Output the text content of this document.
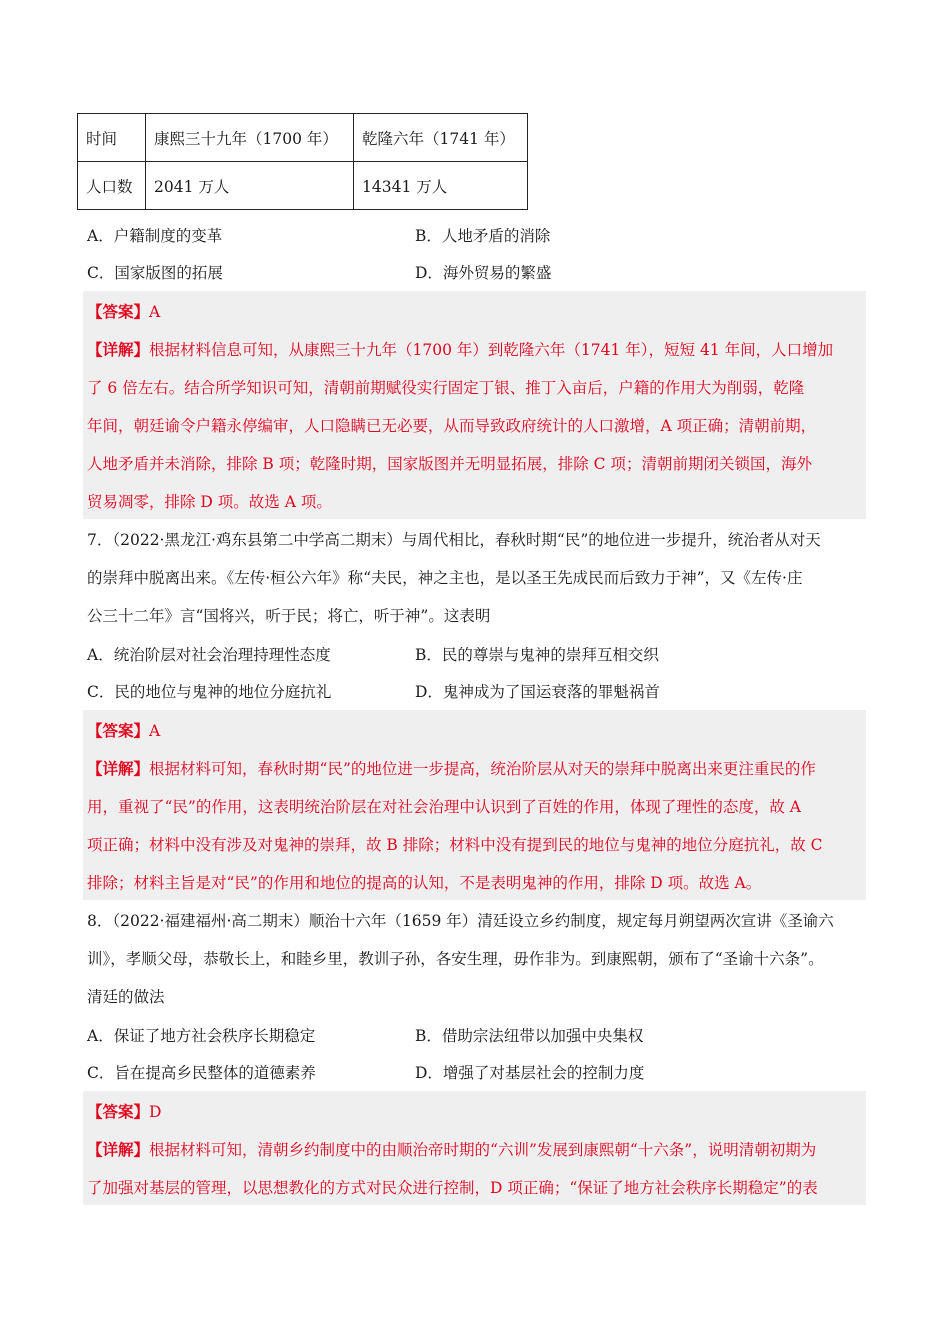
时间	康熙三十九年（1700 年）	乾隆六年（1741 年）
人口数	2041 万人	14341 万人
A．户籍制度的变革	B．人地矛盾的消除
C．国家版图的拓展	D．海外贸易的繁盛
【答案】A
【详解】根据材料信息可知，从康熙三十九年（1700 年）到乾隆六年（1741 年），短短 41 年间，人口增加
了 6 倍左右。结合所学知识可知，清朝前期赋役实行固定丁银、推丁入亩后，户籍的作用大为削弱，乾隆
年间，朝廷谕令户籍永停编审，人口隐瞒已无必要，从而导致政府统计的人口激增，A 项正确；清朝前期，
人地矛盾并未消除，排除 B 项；乾隆时期，国家版图并无明显拓展，排除 C 项；清朝前期闭关锁国，海外
贸易凋零，排除 D 项。故选 A 项。
7．（2022·黑龙江·鸡东县第二中学高二期末）与周代相比，春秋时期“民”的地位进一步提升，统治者从对天
的崇拜中脱离出来。《左传·桓公六年》称“夫民，神之主也，是以圣王先成民而后致力于神”，又《左传·庄
公三十二年》言“国将兴，听于民；将亡，听于神”。这表明
A．统治阶层对社会治理持理性态度	B．民的尊崇与鬼神的崇拜互相交织
C．民的地位与鬼神的地位分庭抗礼	D．鬼神成为了国运衰落的罪魁祸首
【答案】A
【详解】根据材料可知，春秋时期“民”的地位进一步提高，统治阶层从对天的崇拜中脱离出来更注重民的作
用，重视了“民”的作用，这表明统治阶层在对社会治理中认识到了百姓的作用，体现了理性的态度，故 A
项正确；材料中没有涉及对鬼神的崇拜，故 B 排除；材料中没有提到民的地位与鬼神的地位分庭抗礼，故 C
排除；材料主旨是对“民”的作用和地位的提高的认知，不是表明鬼神的作用，排除 D 项。故选 A。
8．（2022·福建福州·高二期末）顺治十六年（1659 年）清廷设立乡约制度，规定每月朔望两次宣讲《圣谕六
训》，孝顺父母，恭敬长上，和睦乡里，教训子孙，各安生理，毋作非为。到康熙朝，颁布了“圣谕十六条”。
清廷的做法
A．保证了地方社会秩序长期稳定	B．借助宗法纽带以加强中央集权
C．旨在提高乡民整体的道德素养	D．增强了对基层社会的控制力度
【答案】D
【详解】根据材料可知，清朝乡约制度中的由顺治帝时期的“六训”发展到康熙朝“十六条”，说明清朝初期为
了加强对基层的管理，以思想教化的方式对民众进行控制，D 项正确；“保证了地方社会秩序长期稳定”的表
